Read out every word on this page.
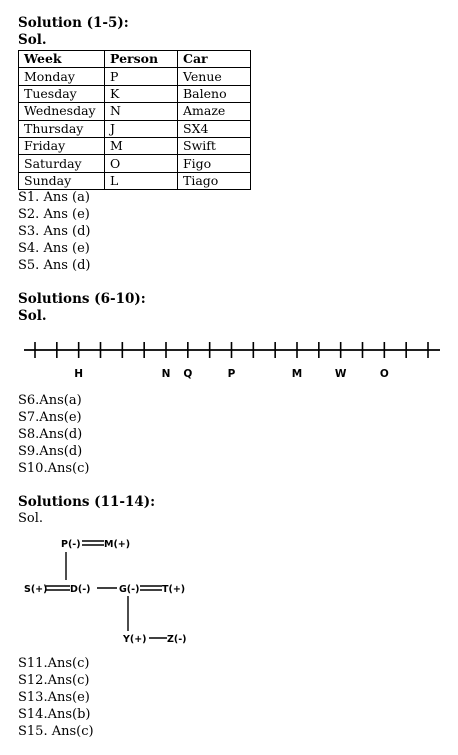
Solution (1-5):
Sol.
Week	Person	Car
Monday	P	Venue
Tuesday	K	Baleno
Wednesday	N	Amaze
Thursday	J	SX4
Friday	M	Swift
Saturday	O	Figo
Sunday	L	Tiago
S1. Ans (a)
S2. Ans (e)
S3. Ans (d)
S4. Ans (e)
S5. Ans (d)
Solutions (6-10):
Sol.
H	N Q	P	M	W	O
S6.Ans(a)
S7.Ans(e)
S8.Ans(d)
S9.Ans(d)
S10.Ans(c)
Solutions (11-14):
Sol.
P(-) M(+)
S(+) D(-)	G(-) T(+)
Y(+) Z(-)
S11.Ans(c)
S12.Ans(c)
S13.Ans(e)
S14.Ans(b)
S15. Ans(c)
